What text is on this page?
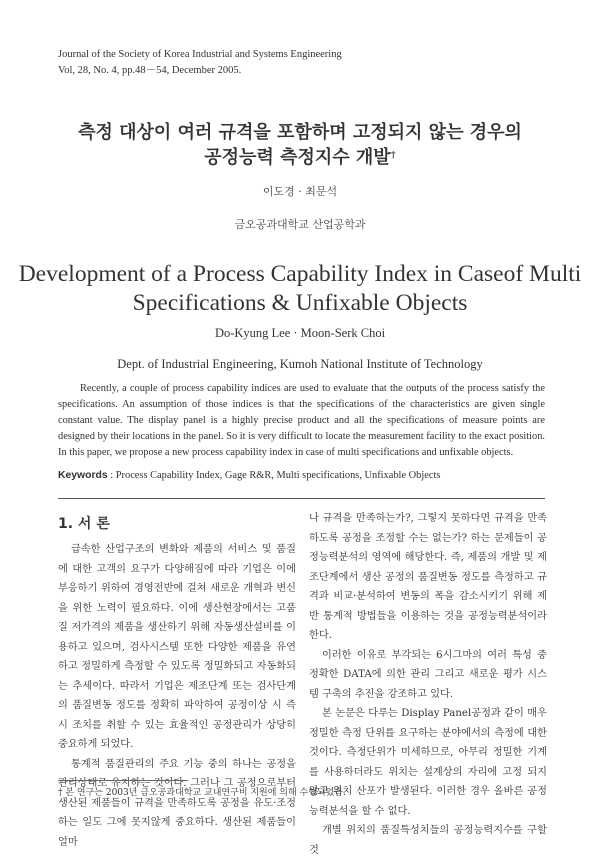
Journal of the Society of Korea Industrial and Systems Engineering
Vol, 28, No. 4, pp.48－54, December 2005.
측정 대상이 여러 규격을 포함하며 고정되지 않는 경우의
공정능력 측정지수 개발†
이도경 · 최문석
금오공과대학교 산업공학과
Development of a Process Capability Index in Caseof Multi
Specifications & Unfixable Objects
Do-Kyung Lee · Moon-Serk Choi
Dept. of Industrial Engineering, Kumoh National Institute of Technology
Recently, a couple of process capability indices are used to evaluate that the outputs of the process satisfy the specifications. An assumption of those indices is that the specifications of the characteristics are given single constant value. The display panel is a highly precise product and all the specifications of measure points are designed by their locations in the panel. So it is very difficult to locate the measurement facility to the exact position. In this paper, we propose a new process capability index in case of multi specifications and unfixable objects.
Keywords : Process Capability Index, Gage R&R, Multi specifications, Unfixable Objects
1. 서 론

급속한 산업구조의 변화와 제품의 서비스 및 품질에 대한 고객의 요구가 다양해짐에 따라 기업은 이에 부응하기 위하여 경영전반에 걸쳐 새로운 개혁과 변신을 위한 노력이 필요하다. 이에 생산현장에서는 고품질 저가격의 제품을 생산하기 위해 자동생산설비를 이용하고 있으며, 검사시스템 또한 다양한 제품을 유연하고 정밀하게 측정할 수 있도록 정밀화되고 자동화되는 추세이다. 따라서 기업은 제조단계 또는 검사단계의 품질변동 정도를 정확히 파악하여 공정이상 시 즉시 조치를 취할 수 있는 효율적인 공정관리가 상당히 중요하게 되었다.

통계적 품질관리의 주요 기능 중의 하나는 공정을 관리상태로 유지하는 것이다. 그러나 그 공정으로부터 생산된 제품들이 규격을 만족하도록 공정을 유도·조정하는 일도 그에 못지않게 중요하다. 생산된 제품들이 얼마

나 규격을 만족하는가?, 그렇지 못하다면 규격을 만족하도록 공정을 조정할 수는 없는가? 하는 문제들이 공정능력분석의 영역에 해당한다. 즉, 제품의 개발 및 제조단계에서 생산 공정의 품질변동 정도를 측정하고 규격과 비교·분석하여 변동의 폭을 감소시키기 위해 제반 통계적 방법들을 이용하는 것을 공정능력분석이라 한다.

이러한 이유로 부각되는 6시그마의 여러 특성 중 정확한 DATA에 의한 관리 그리고 새로운 평가 시스템 구축의 추진을 강조하고 있다.

본 논문은 다루는 Display Panel공정과 같이 매우 정밀한 측정 단위를 요구하는 분야에서의 측정에 대한 것이다. 측정단위가 미세하므로, 아무리 정밀한 기계를 사용하더라도 위치는 설계상의 자리에 고정 되지 않고 위치 산포가 발생된다. 이러한 경우 올바른 공정능력분석을 할 수 없다.

개별 위치의 품질특성치들의 공정능력지수를 구할 것

† 본 연구는 2003년 금오공과대학교 교내연구비 지원에 의해 수행되었음.
